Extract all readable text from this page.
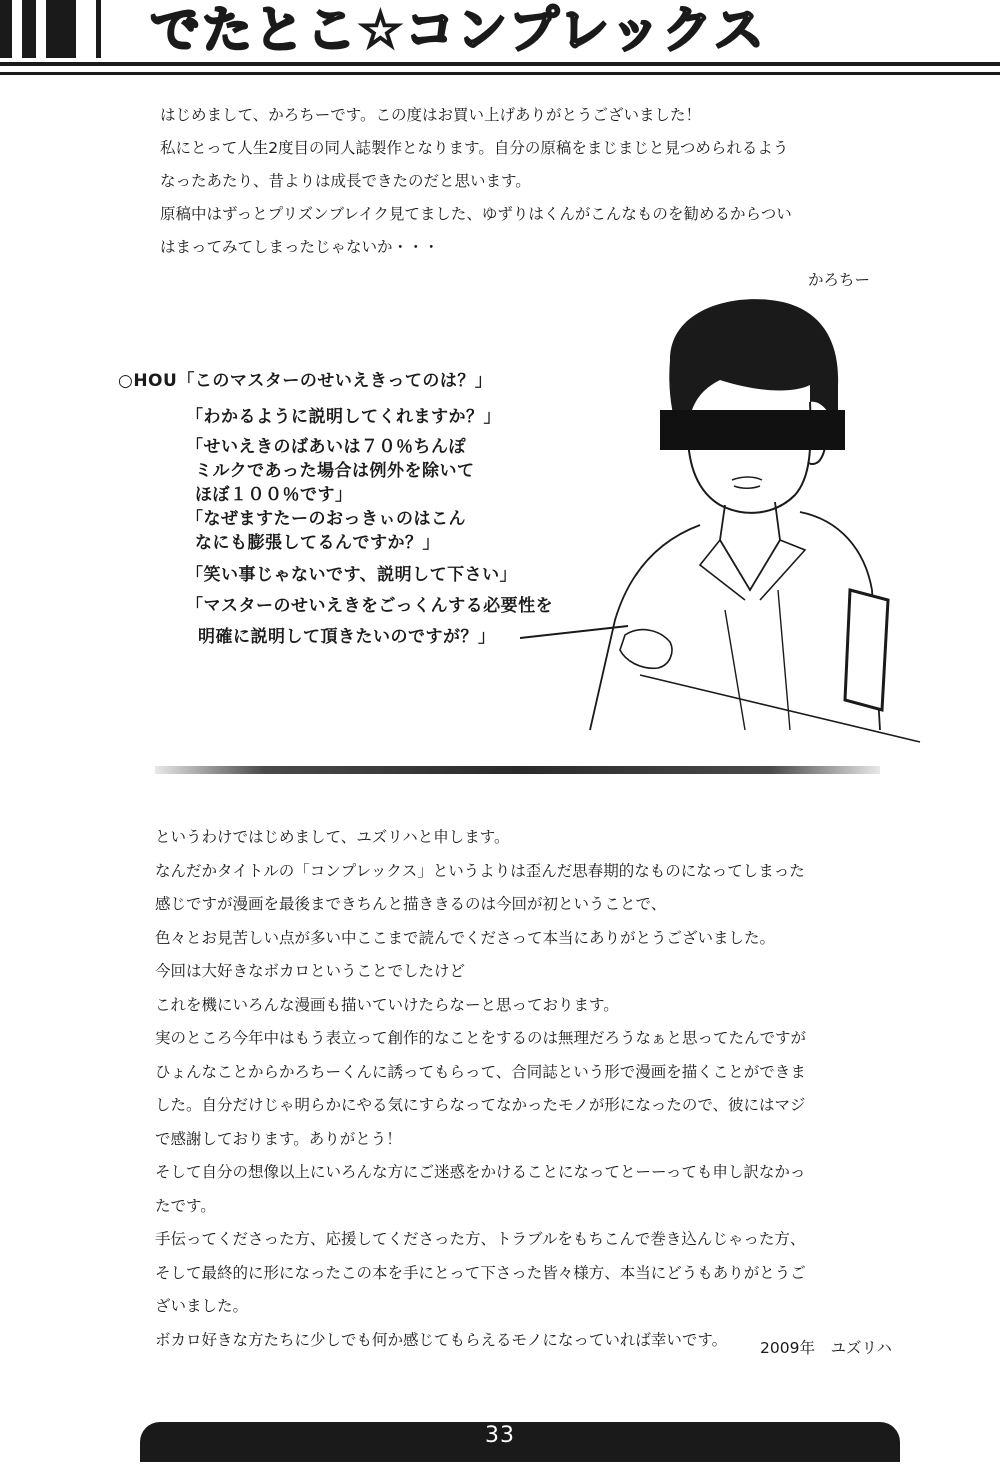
でたとこ☆コンプレックス
はじめまして、かろちーです。この度はお買い上げありがとうございました！
私にとって人生2度目の同人誌製作となります。自分の原稿をまじまじと見つめられるよう
なったあたり、昔よりは成長できたのだと思います。
原稿中はずっとプリズンブレイク見てました、ゆずりはくんがこんなものを勧めるからつい
はまってみてしまったじゃないか・・・
かろちー
○HOU「このマスターのせいえきってのは？」
「わかるように説明してくれますか？」
「せいえきのばあいは７０％ちんぽ
ミルクであった場合は例外を除いて
ほぼ１００％です」
「なぜますたーのおっきぃのはこん
なにも膨張してるんですか？」
「笑い事じゃないです、説明して下さい」
「マスターのせいえきをごっくんする必要性を
明確に説明して頂きたいのですが？」
というわけではじめまして、ユズリハと申します。
なんだかタイトルの「コンプレックス」というよりは歪んだ思春期的なものになってしまった
感じですが漫画を最後まできちんと描ききるのは今回が初ということで、
色々とお見苦しい点が多い中ここまで読んでくださって本当にありがとうございました。
今回は大好きなボカロということでしたけど
これを機にいろんな漫画も描いていけたらなーと思っております。
実のところ今年中はもう表立って創作的なことをするのは無理だろうなぁと思ってたんですが
ひょんなことからかろちーくんに誘ってもらって、合同誌という形で漫画を描くことができま
した。自分だけじゃ明らかにやる気にすらなってなかったモノが形になったので、彼にはマジ
で感謝しております。ありがとう！
そして自分の想像以上にいろんな方にご迷惑をかけることになってとーーっても申し訳なかっ
たです。
手伝ってくださった方、応援してくださった方、トラブルをもちこんで巻き込んじゃった方、
そして最終的に形になったこの本を手にとって下さった皆々様方、本当にどうもありがとうご
ざいました。
ボカロ好きな方たちに少しでも何か感じてもらえるモノになっていれば幸いです。	2009年　ユズリハ
33
